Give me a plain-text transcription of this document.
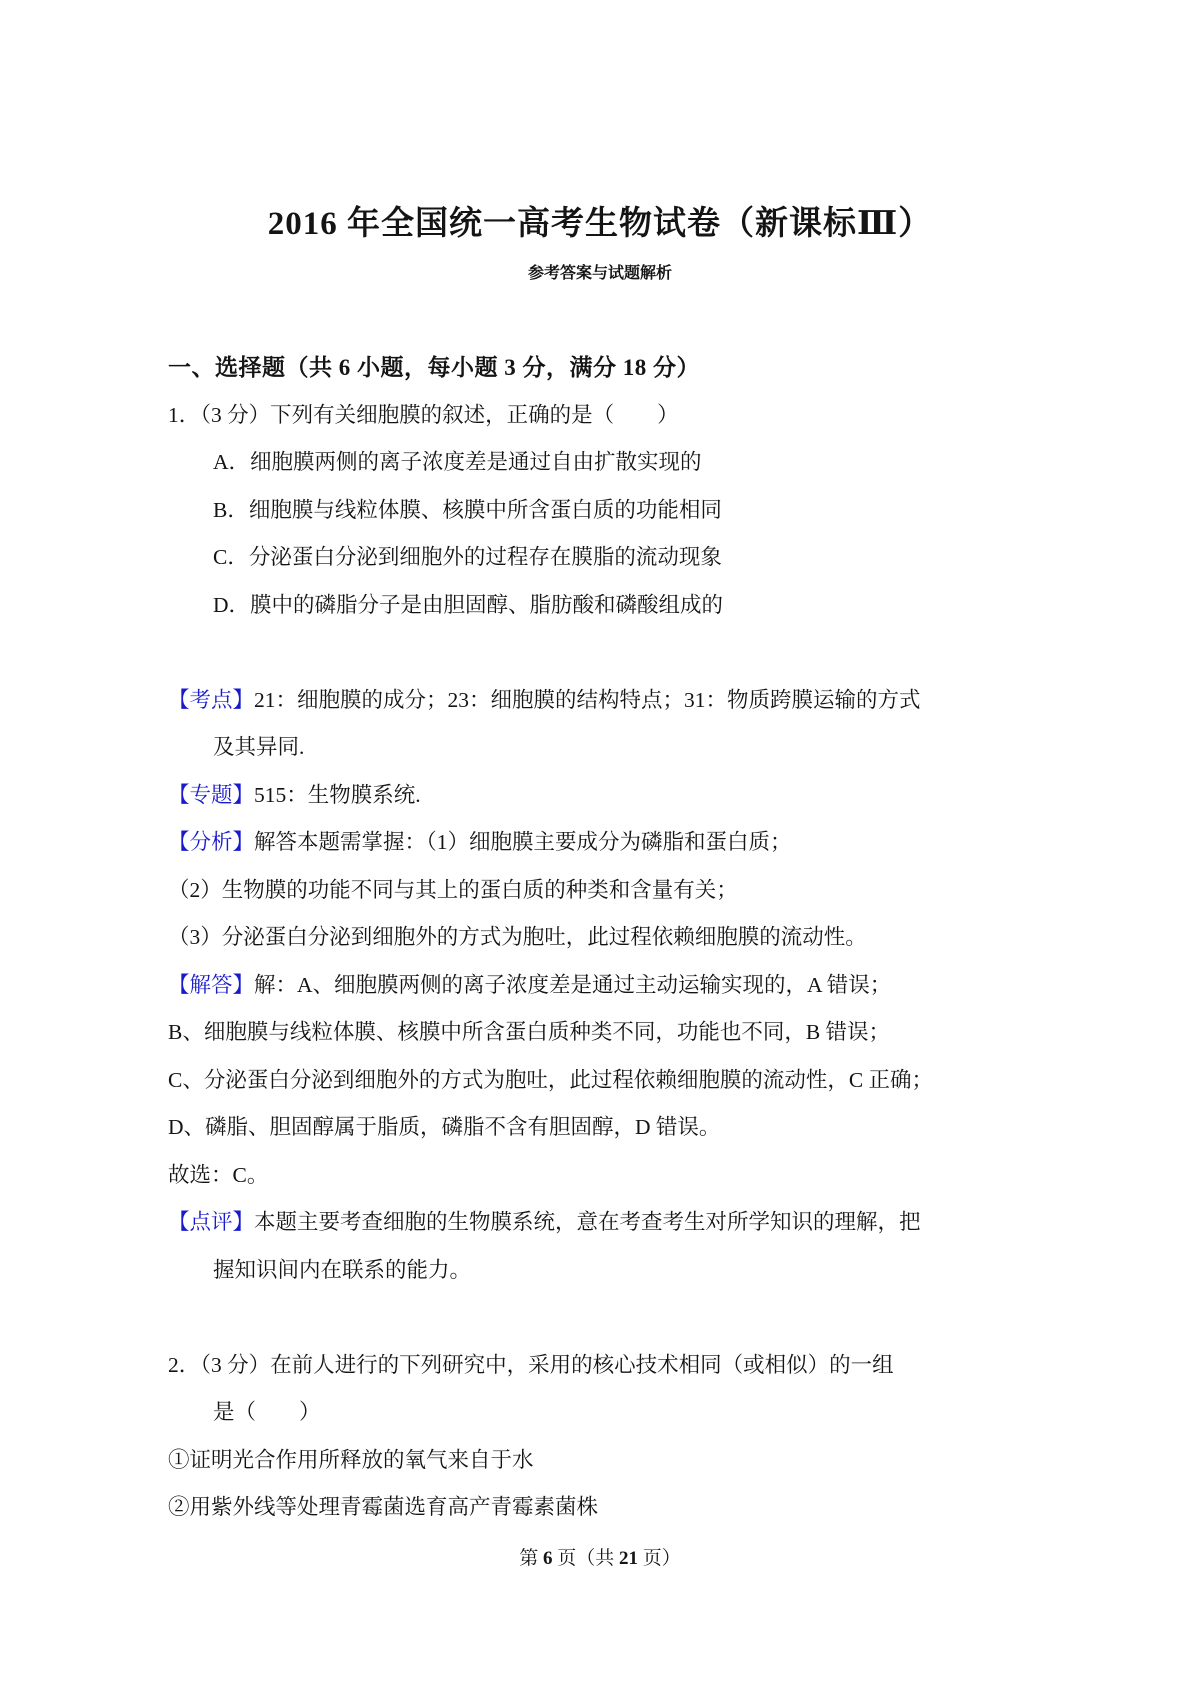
2016 年全国统一高考生物试卷（新课标Ⅲ）
参考答案与试题解析
一、选择题（共 6 小题，每小题 3 分，满分 18 分）
1．（3 分）下列有关细胞膜的叙述，正确的是（　　）
A．细胞膜两侧的离子浓度差是通过自由扩散实现的
B．细胞膜与线粒体膜、核膜中所含蛋白质的功能相同
C．分泌蛋白分泌到细胞外的过程存在膜脂的流动现象
D．膜中的磷脂分子是由胆固醇、脂肪酸和磷酸组成的
【考点】21：细胞膜的成分；23：细胞膜的结构特点；31：物质跨膜运输的方式
及其异同.
【专题】515：生物膜系统.
【分析】解答本题需掌握：（1）细胞膜主要成分为磷脂和蛋白质；
（2）生物膜的功能不同与其上的蛋白质的种类和含量有关；
（3）分泌蛋白分泌到细胞外的方式为胞吐，此过程依赖细胞膜的流动性。
【解答】解：A、细胞膜两侧的离子浓度差是通过主动运输实现的，A 错误；
B、细胞膜与线粒体膜、核膜中所含蛋白质种类不同，功能也不同，B 错误；
C、分泌蛋白分泌到细胞外的方式为胞吐，此过程依赖细胞膜的流动性，C 正确；
D、磷脂、胆固醇属于脂质，磷脂不含有胆固醇，D 错误。
故选：C。
【点评】本题主要考查细胞的生物膜系统，意在考查考生对所学知识的理解，把
握知识间内在联系的能力。
2．（3 分）在前人进行的下列研究中，采用的核心技术相同（或相似）的一组
是（　　）
①证明光合作用所释放的氧气来自于水
②用紫外线等处理青霉菌选育高产青霉素菌株
第 6 页（共 21 页）
